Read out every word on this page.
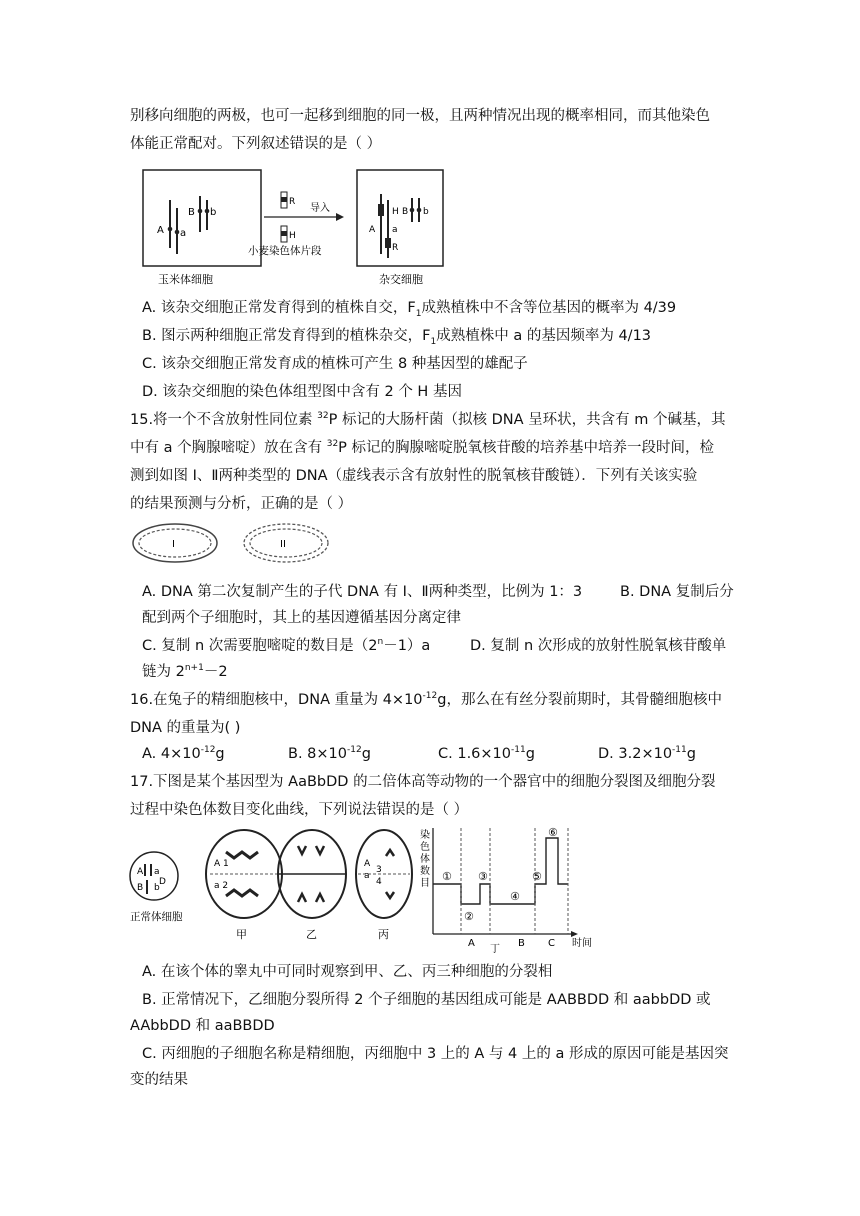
别移向细胞的两极，也可一起移到细胞的同一极，且两种情况出现的概率相同，而其他染色
体能正常配对。下列叙述错误的是（ ）
A a
B b
玉米体细胞
R
H
导入
小麦染色体片段
H
R
A a
B b
杂交细胞
A. 该杂交细胞正常发育得到的植株自交，$F_1$成熟植株中不含等位基因的概率为 4/39
B. 图示两种细胞正常发育得到的植株杂交，$F_1$成熟植株中 a 的基因频率为 4/13
C. 该杂交细胞正常发育成的植株可产生 8 种基因型的雄配子
D. 该杂交细胞的染色体组型图中含有 2 个 H 基因
15.将一个不含放射性同位素 $^{32}$P 标记的大肠杆菌（拟核 DNA 呈环状，共含有 m 个碱基，其
中有 a 个胸腺嘧啶）放在含有 $^{32}$P 标记的胸腺嘧啶脱氧核苷酸的培养基中培养一段时间，检
测到如图 I、Ⅱ两种类型的 DNA（虚线表示含有放射性的脱氧核苷酸链）．下列有关该实验
的结果预测与分析，正确的是（ ）
I	II
A. DNA 第二次复制产生的子代 DNA 有 I、Ⅱ两种类型，比例为 1：3	B. DNA 复制后分
配到两个子细胞时，其上的基因遵循基因分离定律
C. 复制 n 次需要胞嘧啶的数目是$(2^n-1)a$	D. 复制 n 次形成的放射性脱氧核苷酸单
链为 $2^{n+1}-2$
16.在兔子的精细胞核中，DNA 重量为 $4\times 10^{-12}g$，那么在有丝分裂前期时，其骨髓细胞核中
DNA 的重量为( )
A. $4\times 10^{-12}g$	B. $8\times 10^{-12}g$	C. $1.6\times 10^{-11}g$	D. $3.2\times 10^{-11}g$
17.下图是某个基因型为 AaBbDD 的二倍体高等动物的一个器官中的细胞分裂图及细胞分裂
过程中染色体数目变化曲线，下列说法错误的是（ ）
A a
D
B b
正常体细胞
A 1
a 2
甲	乙
A
a
3
4
丙
染
色
体
数
目
①
②
③
④
⑤
⑥
A	B C 时间
丁
A. 在该个体的睾丸中可同时观察到甲、乙、丙三种细胞的分裂相
B. 正常情况下，乙细胞分裂所得 2 个子细胞的基因组成可能是 AABBDD 和 aabbDD 或
AAbbDD 和 aaBBDD
C. 丙细胞的子细胞名称是精细胞，丙细胞中 3 上的 A 与 4 上的 a 形成的原因可能是基因突
变的结果
